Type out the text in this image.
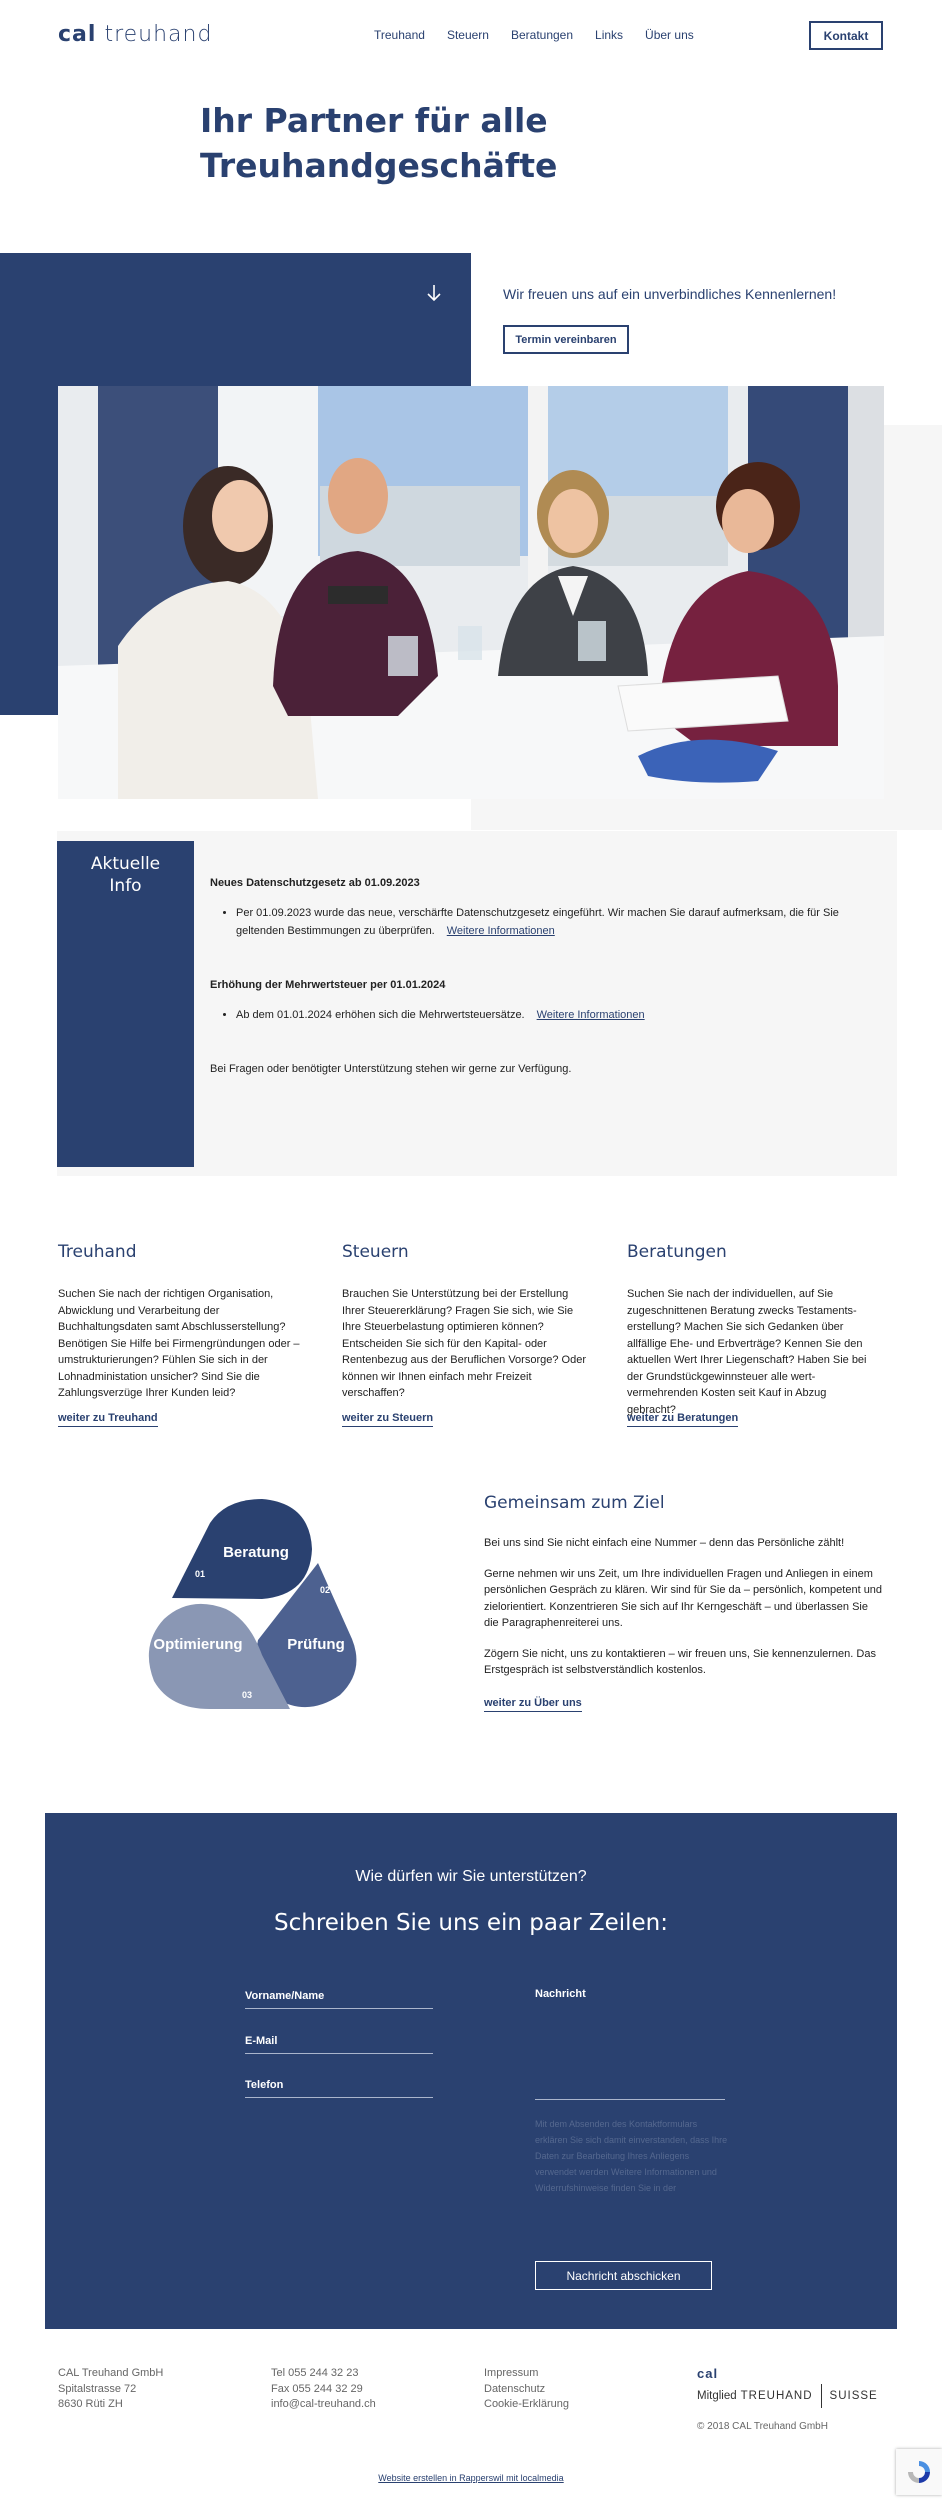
cal treuhand	Treuhand Steuern Beratungen Links Über uns	Kontakt
Ihr Partner für alle
Treuhandgeschäfte
Wir freuen uns auf ein unverbindliches Kennenlernen!
Termin vereinbaren
Aktuelle
Info	Neues Datenschutzgesetz ab 01.09.2023
• Per 01.09.2023 wurde das neue, verschärfte Datenschutzgesetz eingeführt. Wir machen Sie darauf aufmerksam, die für Sie geltenden Bestimmungen zu überprüfen. Weitere Informationen
Erhöhung der Mehrwertsteuer per 01.01.2024
• Ab dem 01.01.2024 erhöhen sich die Mehrwertsteuersätze. Weitere Informationen

Bei Fragen oder benötigter Unterstützung stehen wir gerne zur Verfügung.

Treuhand

Suchen Sie nach der richtigen Organisation, Abwicklung und Verarbeitung der Buchhaltungsdaten samt Abschlusserstellung? Benötigen Sie Hilfe bei Firmengründungen oder – umstrukturierungen? Fühlen Sie sich in der Lohnadministation unsicher? Sind Sie die Zahlungsverzüge Ihrer Kunden leid?

weiter zu Treuhand
Steuern

Brauchen Sie Unterstützung bei der Erstellung Ihrer Steuererklärung? Fragen Sie sich, wie Sie Ihre Steuerbelastung optimieren können? Entscheiden Sie sich für den Kapital- oder Rentenbezug aus der Beruflichen Vorsorge? Oder können wir Ihnen einfach mehr Freizeit verschaffen?

weiter zu Steuern
Beratungen

Suchen Sie nach der individuellen, auf Sie zugeschnittenen Beratung zwecks Testaments-erstellung? Machen Sie sich Gedanken über allfällige Ehe- und Erbverträge? Kennen Sie den aktuellen Wert Ihrer Liegenschaft? Haben Sie bei der Grundstückgewinnsteuer alle wert-vermehrenden Kosten seit Kauf in Abzug gebracht?

weiter zu Beratungen
Beratung
Prüfung
Optimierung
01
02
03
Gemeinsam zum Ziel

Bei uns sind Sie nicht einfach eine Nummer – denn das Persönliche zählt!

Gerne nehmen wir uns Zeit, um Ihre individuellen Fragen und Anliegen in einem persönlichen Gespräch zu klären. Wir sind für Sie da – persönlich, kompetent und zielorientiert. Konzentrieren Sie sich auf Ihr Kerngeschäft – und überlassen Sie die Paragraphenreiterei uns.

Zögern Sie nicht, uns zu kontaktieren – wir freuen uns, Sie kennenzulernen. Das Erstgespräch ist selbstverständlich kostenlos.

weiter zu Über uns
Wie dürfen wir Sie unterstützen?
Schreiben Sie uns ein paar Zeilen:
Vorname/Name
E-Mail
Telefon
Nachricht
Mit dem Absenden des Kontaktformulars erklären Sie sich damit einverstanden, dass Ihre Daten zur Bearbeitung Ihres Anliegens verwendet werden Weitere Informationen und Widerrufshinweise finden Sie in der
Nachricht abschicken
CAL Treuhand GmbH
Spitalstrasse 72
8630 Rüti ZH
Tel 055 244 32 23
Fax 055 244 32 29
info@cal-treuhand.ch
Impressum
Datenschutz
Cookie-Erklärung
cal
Mitglied TREUHAND SUISSE
© 2018 CAL Treuhand GmbH
Website erstellen in Rapperswil mit localmedia
